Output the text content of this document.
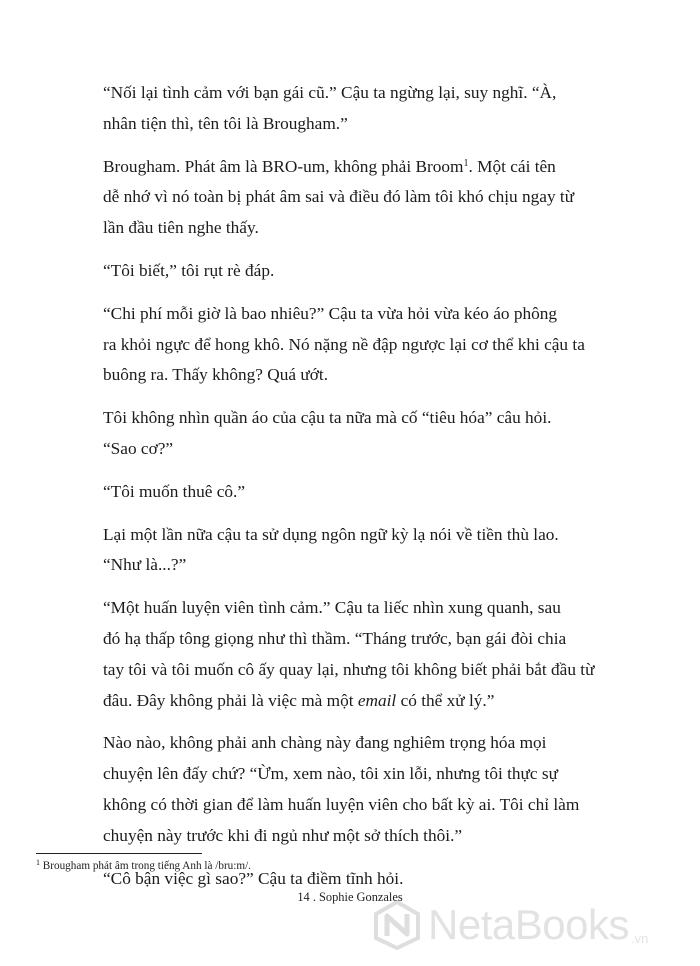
“Nối lại tình cảm với bạn gái cũ.” Cậu ta ngừng lại, suy nghĩ. “À,
nhân tiện thì, tên tôi là Brougham.”

Brougham. Phát âm là BRO-um, không phải Broom$^1$. Một cái tên
dễ nhớ vì nó toàn bị phát âm sai và điều đó làm tôi khó chịu ngay từ
lần đầu tiên nghe thấy.

“Tôi biết,” tôi rụt rè đáp.

“Chi phí mỗi giờ là bao nhiêu?” Cậu ta vừa hỏi vừa kéo áo phông
ra khỏi ngực để hong khô. Nó nặng nề đập ngược lại cơ thể khi cậu ta
buông ra. Thấy không? Quá ướt.

Tôi không nhìn quần áo của cậu ta nữa mà cố “tiêu hóa” câu hỏi.
“Sao cơ?”

“Tôi muốn thuê cô.”

Lại một lần nữa cậu ta sử dụng ngôn ngữ kỳ lạ nói về tiền thù lao.
“Như là...?”

“Một huấn luyện viên tình cảm.” Cậu ta liếc nhìn xung quanh, sau
đó hạ thấp tông giọng như thì thầm. “Tháng trước, bạn gái đòi chia
tay tôi và tôi muốn cô ấy quay lại, nhưng tôi không biết phải bắt đầu từ
đâu. Đây không phải là việc mà một email có thể xử lý.”

Nào nào, không phải anh chàng này đang nghiêm trọng hóa mọi
chuyện lên đấy chứ? “Ừm, xem nào, tôi xin lỗi, nhưng tôi thực sự
không có thời gian để làm huấn luyện viên cho bất kỳ ai. Tôi chỉ làm
chuyện này trước khi đi ngủ như một sở thích thôi.”

“Cô bận việc gì sao?” Cậu ta điềm tĩnh hỏi.

$^1$ Brougham phát âm trong tiếng Anh là /bru:m/.
14 . Sophie Gonzales
NetaBooks .vn
